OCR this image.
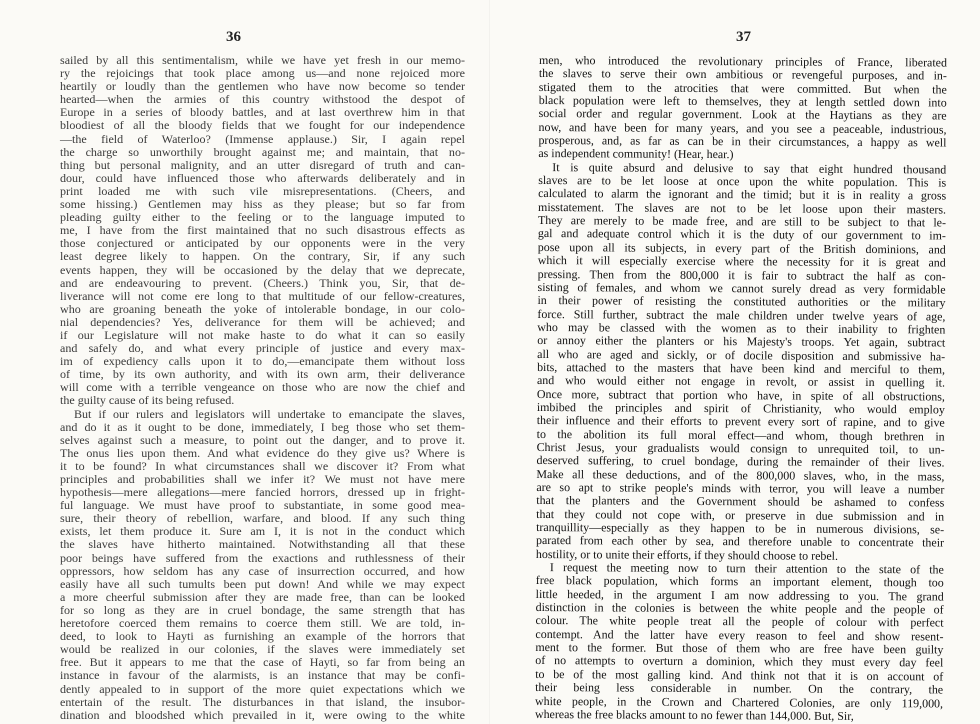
36
sailed by all this sentimentalism, while we have yet fresh in our memo-
ry the rejoicings that took place among us—and none rejoiced more
heartily or loudly than the gentlemen who have now become so tender
hearted—when the armies of this country withstood the despot of
Europe in a series of bloody battles, and at last overthrew him in that
bloodiest of all the bloody fields that we fought for our independence
—the field of Waterloo? (Immense applause.) Sir, I again repel
the charge so unworthily brought against me; and maintain, that no-
thing but personal malignity, and an utter disregard of truth and can-
dour, could have influenced those who afterwards deliberately and in
print loaded me with such vile misrepresentations. (Cheers, and
some hissing.) Gentlemen may hiss as they please; but so far from
pleading guilty either to the feeling or to the language imputed to
me, I have from the first maintained that no such disastrous effects as
those conjectured or anticipated by our opponents were in the very
least degree likely to happen. On the contrary, Sir, if any such
events happen, they will be occasioned by the delay that we deprecate,
and are endeavouring to prevent. (Cheers.) Think you, Sir, that de-
liverance will not come ere long to that multitude of our fellow-creatures,
who are groaning beneath the yoke of intolerable bondage, in our colo-
nial dependencies? Yes, deliverance for them will be achieved; and
if our Legislature will not make haste to do what it can so easily
and safely do, and what every principle of justice and every max-
im of expediency calls upon it to do,—emancipate them without loss
of time, by its own authority, and with its own arm, their deliverance
will come with a terrible vengeance on those who are now the chief and
the guilty cause of its being refused.
But if our rulers and legislators will undertake to emancipate the slaves,
and do it as it ought to be done, immediately, I beg those who set them-
selves against such a measure, to point out the danger, and to prove it.
The onus lies upon them. And what evidence do they give us? Where is
it to be found? In what circumstances shall we discover it? From what
principles and probabilities shall we infer it? We must not have mere
hypothesis—mere allegations—mere fancied horrors, dressed up in fright-
ful language. We must have proof to substantiate, in some good mea-
sure, their theory of rebellion, warfare, and blood. If any such thing
exists, let them produce it. Sure am I, it is not in the conduct which
the slaves have hitherto maintained. Notwithstanding all that these
poor beings have suffered from the exactions and ruthlessness of their
oppressors, how seldom has any case of insurrection occurred, and how
easily have all such tumults been put down! And while we may expect
a more cheerful submission after they are made free, than can be looked
for so long as they are in cruel bondage, the same strength that has
heretofore coerced them remains to coerce them still. We are told, in-
deed, to look to Hayti as furnishing an example of the horrors that
would be realized in our colonies, if the slaves were immediately set
free. But it appears to me that the case of Hayti, so far from being an
instance in favour of the alarmists, is an instance that may be confi-
dently appealed to in support of the more quiet expectations which we
entertain of the result. The disturbances in that island, the insubor-
dination and bloodshed which prevailed in it, were owing to the white
37
men, who introduced the revolutionary principles of France, liberated
the slaves to serve their own ambitious or revengeful purposes, and in-
stigated them to the atrocities that were committed. But when the
black population were left to themselves, they at length settled down into
social order and regular government. Look at the Haytians as they are
now, and have been for many years, and you see a peaceable, industrious,
prosperous, and, as far as can be in their circumstances, a happy as well
as independent community! (Hear, hear.)
It is quite absurd and delusive to say that eight hundred thousand
slaves are to be let loose at once upon the white population. This is
calculated to alarm the ignorant and the timid; but it is in reality a gross
misstatement. The slaves are not to be let loose upon their masters.
They are merely to be made free, and are still to be subject to that le-
gal and adequate control which it is the duty of our government to im-
pose upon all its subjects, in every part of the British dominions, and
which it will especially exercise where the necessity for it is great and
pressing. Then from the 800,000 it is fair to subtract the half as con-
sisting of females, and whom we cannot surely dread as very formidable
in their power of resisting the constituted authorities or the military
force. Still further, subtract the male children under twelve years of age,
who may be classed with the women as to their inability to frighten
or annoy either the planters or his Majesty's troops. Yet again, subtract
all who are aged and sickly, or of docile disposition and submissive ha-
bits, attached to the masters that have been kind and merciful to them,
and who would either not engage in revolt, or assist in quelling it.
Once more, subtract that portion who have, in spite of all obstructions,
imbibed the principles and spirit of Christianity, who would employ
their influence and their efforts to prevent every sort of rapine, and to give
to the abolition its full moral effect—and whom, though brethren in
Christ Jesus, your gradualists would consign to unrequited toil, to un-
deserved suffering, to cruel bondage, during the remainder of their lives.
Make all these deductions, and of the 800,000 slaves, who, in the mass,
are so apt to strike people's minds with terror, you will leave a number
that the planters and the Government should be ashamed to confess
that they could not cope with, or preserve in due submission and in
tranquillity—especially as they happen to be in numerous divisions, se-
parated from each other by sea, and therefore unable to concentrate their
hostility, or to unite their efforts, if they should choose to rebel.
I request the meeting now to turn their attention to the state of the
free black population, which forms an important element, though too
little heeded, in the argument I am now addressing to you. The grand
distinction in the colonies is between the white people and the people of
colour. The white people treat all the people of colour with perfect
contempt. And the latter have every reason to feel and show resent-
ment to the former. But those of them who are free have been guilty
of no attempts to overturn a dominion, which they must every day feel
to be of the most galling kind. And think not that it is on account of
their being less considerable in number. On the contrary, the
white people, in the Crown and Chartered Colonies, are only 119,000,
whereas the free blacks amount to no fewer than 144,000. But, Sir,
